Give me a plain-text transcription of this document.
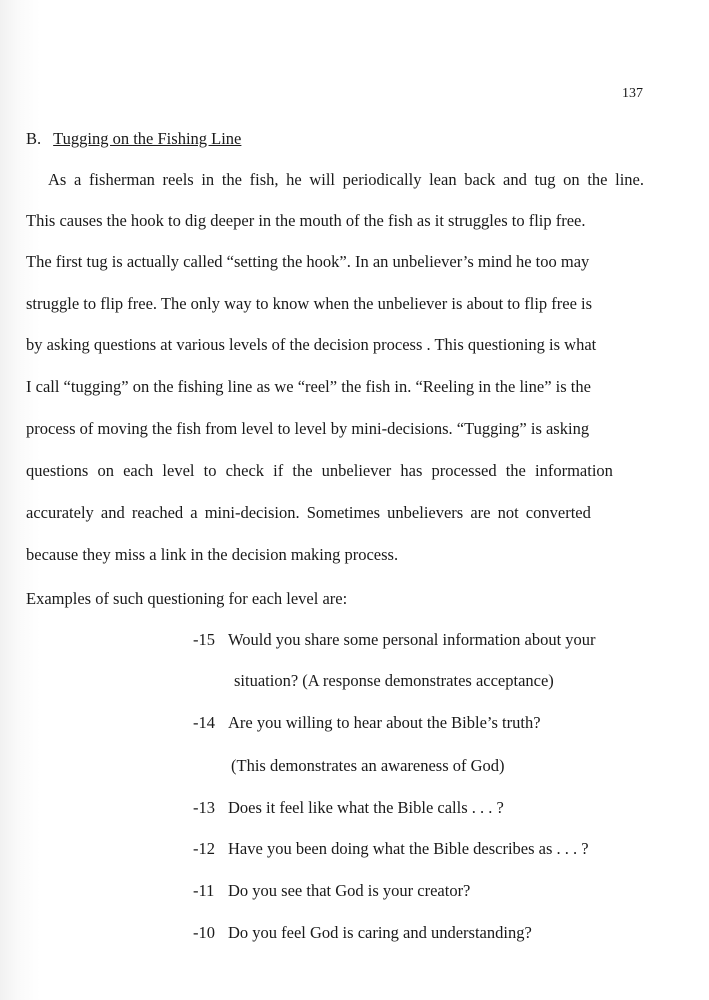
137
B. Tugging on the Fishing Line
As a fisherman reels in the fish, he will periodically lean back and tug on the line.
This causes the hook to dig deeper in the mouth of the fish as it struggles to flip free.
The first tug is actually called “setting the hook”. In an unbeliever’s mind he too may
struggle to flip free. The only way to know when the unbeliever is about to flip free is
by asking questions at various levels of the decision process . This questioning is what
I call “tugging” on the fishing line as we “reel” the fish in. “Reeling in the line” is the
process of moving the fish from level to level by mini-decisions. “Tugging” is asking
questions on each level to check if the unbeliever has processed the information
accurately and reached a mini-decision. Sometimes unbelievers are not converted
because they miss a link in the decision making process.
Examples of such questioning for each level are:
-15 Would you share some personal information about your
situation? (A response demonstrates acceptance)
-14 Are you willing to hear about the Bible’s truth?
(This demonstrates an awareness of God)
-13 Does it feel like what the Bible calls . . . ?
-12 Have you been doing what the Bible describes as . . . ?
-11 Do you see that God is your creator?
-10 Do you feel God is caring and understanding?
